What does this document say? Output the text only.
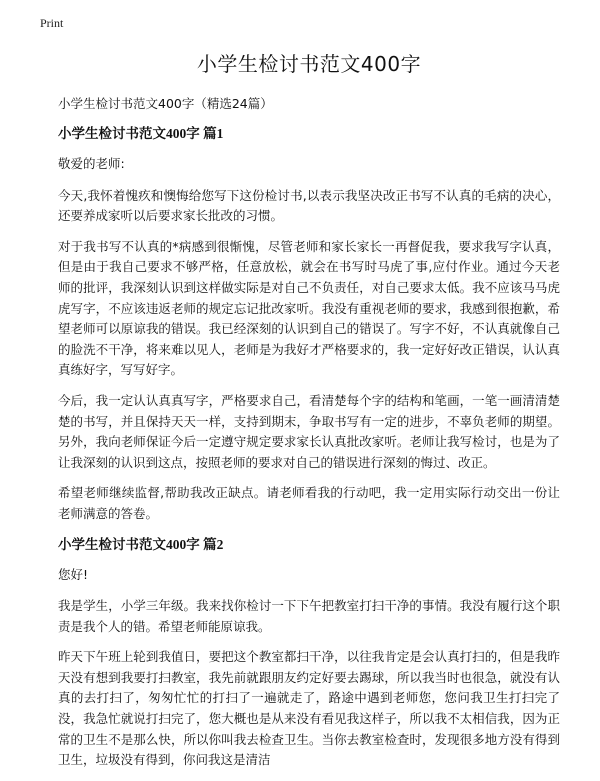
Print
小学生检讨书范文400字

小学生检讨书范文400字（精选24篇）

小学生检讨书范文400字 篇1

敬爱的老师:

今天,我怀着愧疚和懊悔给您写下这份检讨书,以表示我坚决改正书写不认真的毛病的决心，还要养成家听以后要求家长批改的习惯。

对于我书写不认真的*病感到很惭愧，尽管老师和家长家长一再督促我，要求我写字认真，但是由于我自己要求不够严格，任意放松，就会在书写时马虎了事,应付作业。通过今天老师的批评，我深刻认识到这样做实际是对自己不负责任，对自己要求太低。我不应该马马虎虎写字，不应该违返老师的规定忘记批改家听。我没有重视老师的要求，我感到很抱歉，希望老师可以原谅我的错误。我已经深刻的认识到自己的错误了。写字不好，不认真就像自己的脸洗不干净，将来难以见人，老师是为我好才严格要求的，我一定好好改正错误，认认真真练好字，写写好字。

今后，我一定认认真真写字，严格要求自己，看清楚每个字的结构和笔画，一笔一画清清楚楚的书写，并且保持天天一样，支持到期末，争取书写有一定的进步，不辜负老师的期望。另外，我向老师保证今后一定遵守规定要求家长认真批改家听。老师让我写检讨，也是为了让我深刻的认识到这点，按照老师的要求对自己的错误进行深刻的悔过、改正。

希望老师继续监督,帮助我改正缺点。请老师看我的行动吧，我一定用实际行动交出一份让老师满意的答卷。

小学生检讨书范文400字 篇2

您好!

我是学生，小学三年级。我来找你检讨一下下午把教室打扫干净的事情。我没有履行这个职责是我个人的错。希望老师能原谅我。

昨天下午班上轮到我值日，要把这个教室都扫干净，以往我肯定是会认真打扫的，但是我昨天没有想到我要打扫教室，我先前就跟朋友约定好要去踢球，所以我当时也很急，就没有认真的去打扫了，匆匆忙忙的打扫了一遍就走了，路途中遇到老师您，您问我卫生打扫完了没，我急忙就说打扫完了，您大概也是从来没有看见我这样子，所以我不太相信我，因为正常的卫生不是那么快，所以你叫我去检查卫生。当你去教室检查时，发现很多地方没有得到卫生，垃圾没有得到，你问我这是清洁
